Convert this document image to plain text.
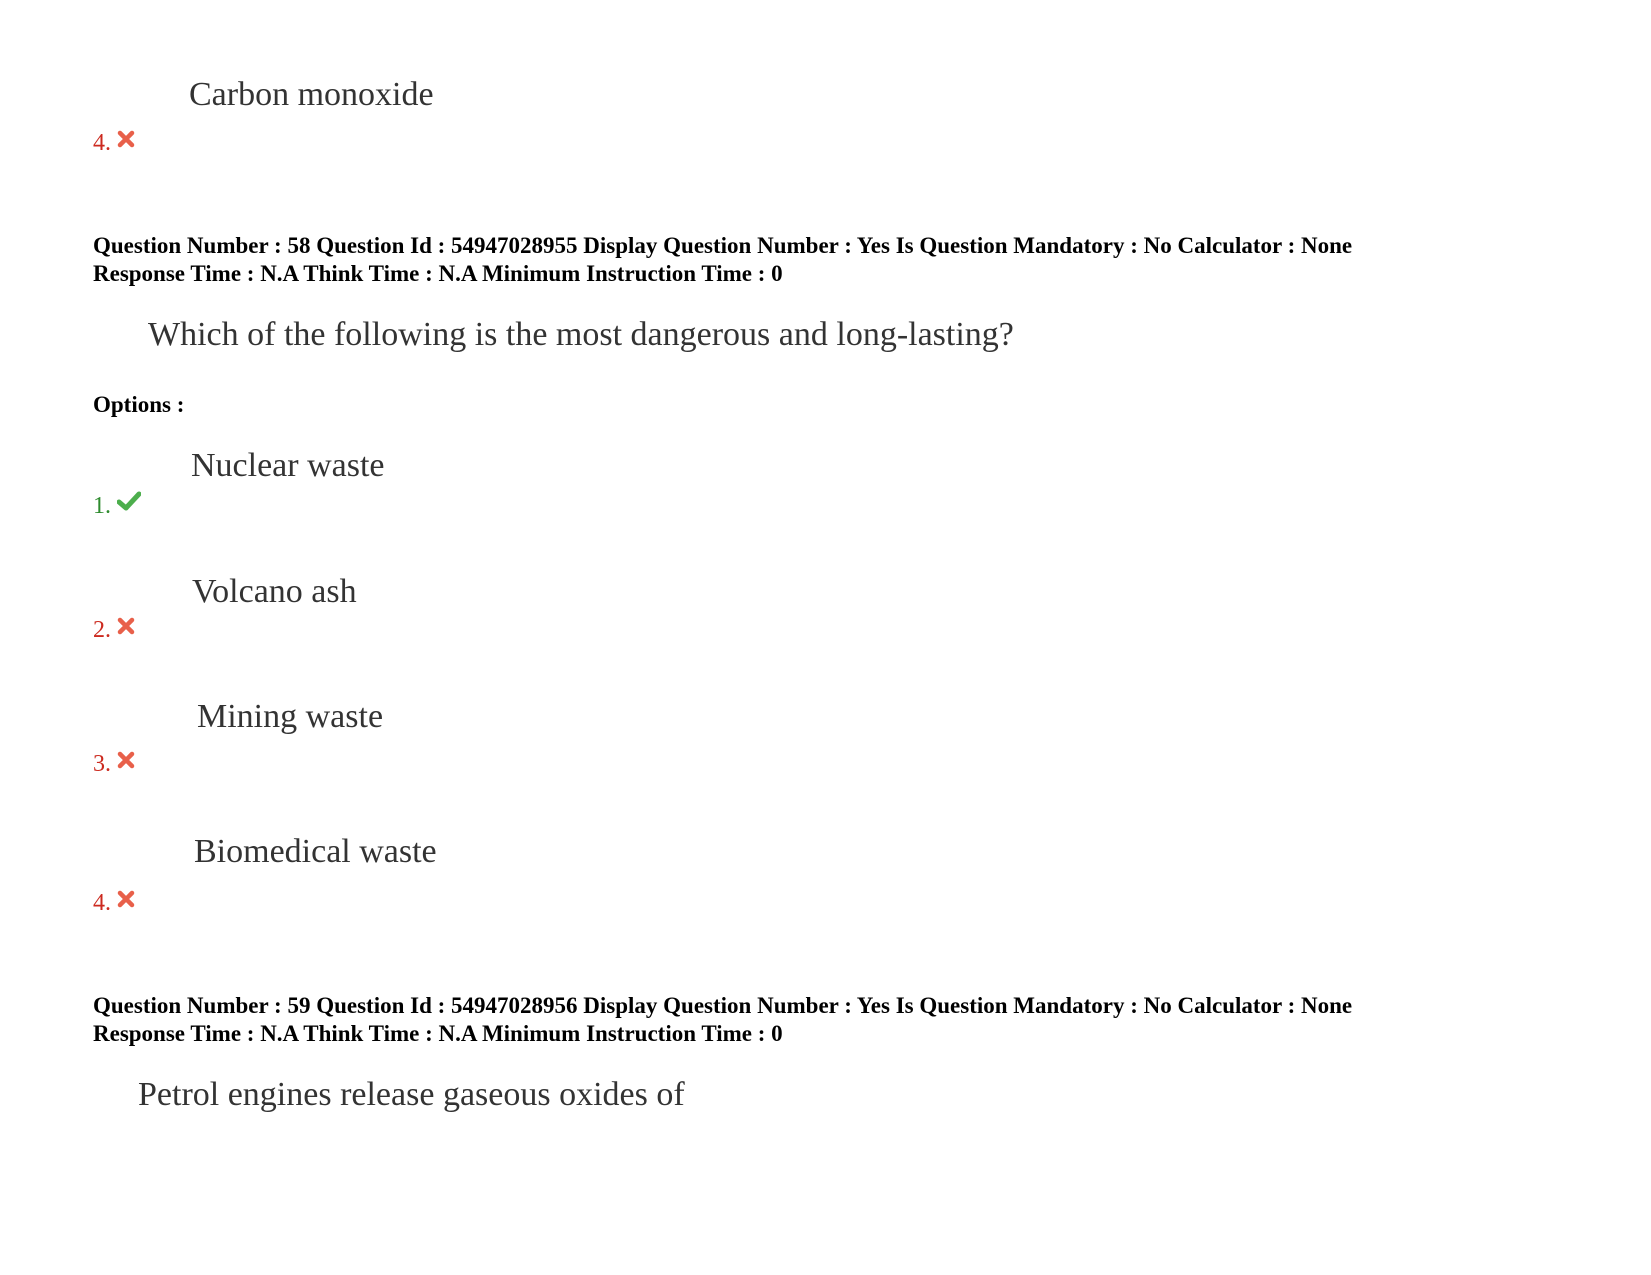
Carbon monoxide
4.
Question Number : 58 Question Id : 54947028955 Display Question Number : Yes Is Question Mandatory : No Calculator : None
Response Time : N.A Think Time : N.A Minimum Instruction Time : 0
Which of the following is the most dangerous and long-lasting?
Options :
Nuclear waste
1.
Volcano ash
2.
Mining waste
3.
Biomedical waste
4.
Question Number : 59 Question Id : 54947028956 Display Question Number : Yes Is Question Mandatory : No Calculator : None
Response Time : N.A Think Time : N.A Minimum Instruction Time : 0
Petrol engines release gaseous oxides of
